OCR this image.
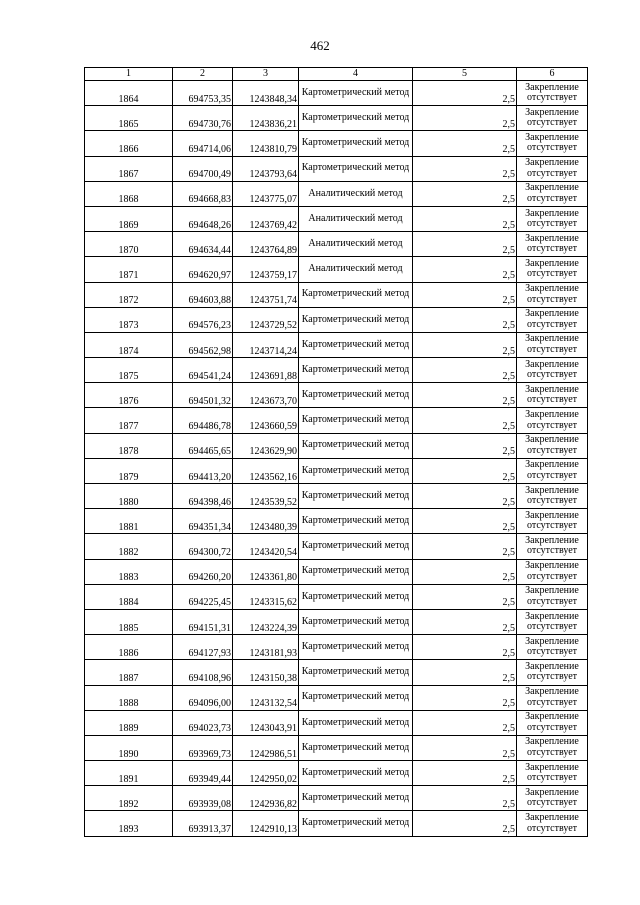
462
1	2	3	4	5	6
1864	694753,35	1243848,34	Картометрический метод	2,5	Закрепление отсутствует
1865	694730,76	1243836,21	Картометрический метод	2,5	Закрепление отсутствует
1866	694714,06	1243810,79	Картометрический метод	2,5	Закрепление отсутствует
1867	694700,49	1243793,64	Картометрический метод	2,5	Закрепление отсутствует
1868	694668,83	1243775,07	Аналитический метод	2,5	Закрепление отсутствует
1869	694648,26	1243769,42	Аналитический метод	2,5	Закрепление отсутствует
1870	694634,44	1243764,89	Аналитический метод	2,5	Закрепление отсутствует
1871	694620,97	1243759,17	Аналитический метод	2,5	Закрепление отсутствует
1872	694603,88	1243751,74	Картометрический метод	2,5	Закрепление отсутствует
1873	694576,23	1243729,52	Картометрический метод	2,5	Закрепление отсутствует
1874	694562,98	1243714,24	Картометрический метод	2,5	Закрепление отсутствует
1875	694541,24	1243691,88	Картометрический метод	2,5	Закрепление отсутствует
1876	694501,32	1243673,70	Картометрический метод	2,5	Закрепление отсутствует
1877	694486,78	1243660,59	Картометрический метод	2,5	Закрепление отсутствует
1878	694465,65	1243629,90	Картометрический метод	2,5	Закрепление отсутствует
1879	694413,20	1243562,16	Картометрический метод	2,5	Закрепление отсутствует
1880	694398,46	1243539,52	Картометрический метод	2,5	Закрепление отсутствует
1881	694351,34	1243480,39	Картометрический метод	2,5	Закрепление отсутствует
1882	694300,72	1243420,54	Картометрический метод	2,5	Закрепление отсутствует
1883	694260,20	1243361,80	Картометрический метод	2,5	Закрепление отсутствует
1884	694225,45	1243315,62	Картометрический метод	2,5	Закрепление отсутствует
1885	694151,31	1243224,39	Картометрический метод	2,5	Закрепление отсутствует
1886	694127,93	1243181,93	Картометрический метод	2,5	Закрепление отсутствует
1887	694108,96	1243150,38	Картометрический метод	2,5	Закрепление отсутствует
1888	694096,00	1243132,54	Картометрический метод	2,5	Закрепление отсутствует
1889	694023,73	1243043,91	Картометрический метод	2,5	Закрепление отсутствует
1890	693969,73	1242986,51	Картометрический метод	2,5	Закрепление отсутствует
1891	693949,44	1242950,02	Картометрический метод	2,5	Закрепление отсутствует
1892	693939,08	1242936,82	Картометрический метод	2,5	Закрепление отсутствует
1893	693913,37	1242910,13	Картометрический метод	2,5	Закрепление отсутствует
